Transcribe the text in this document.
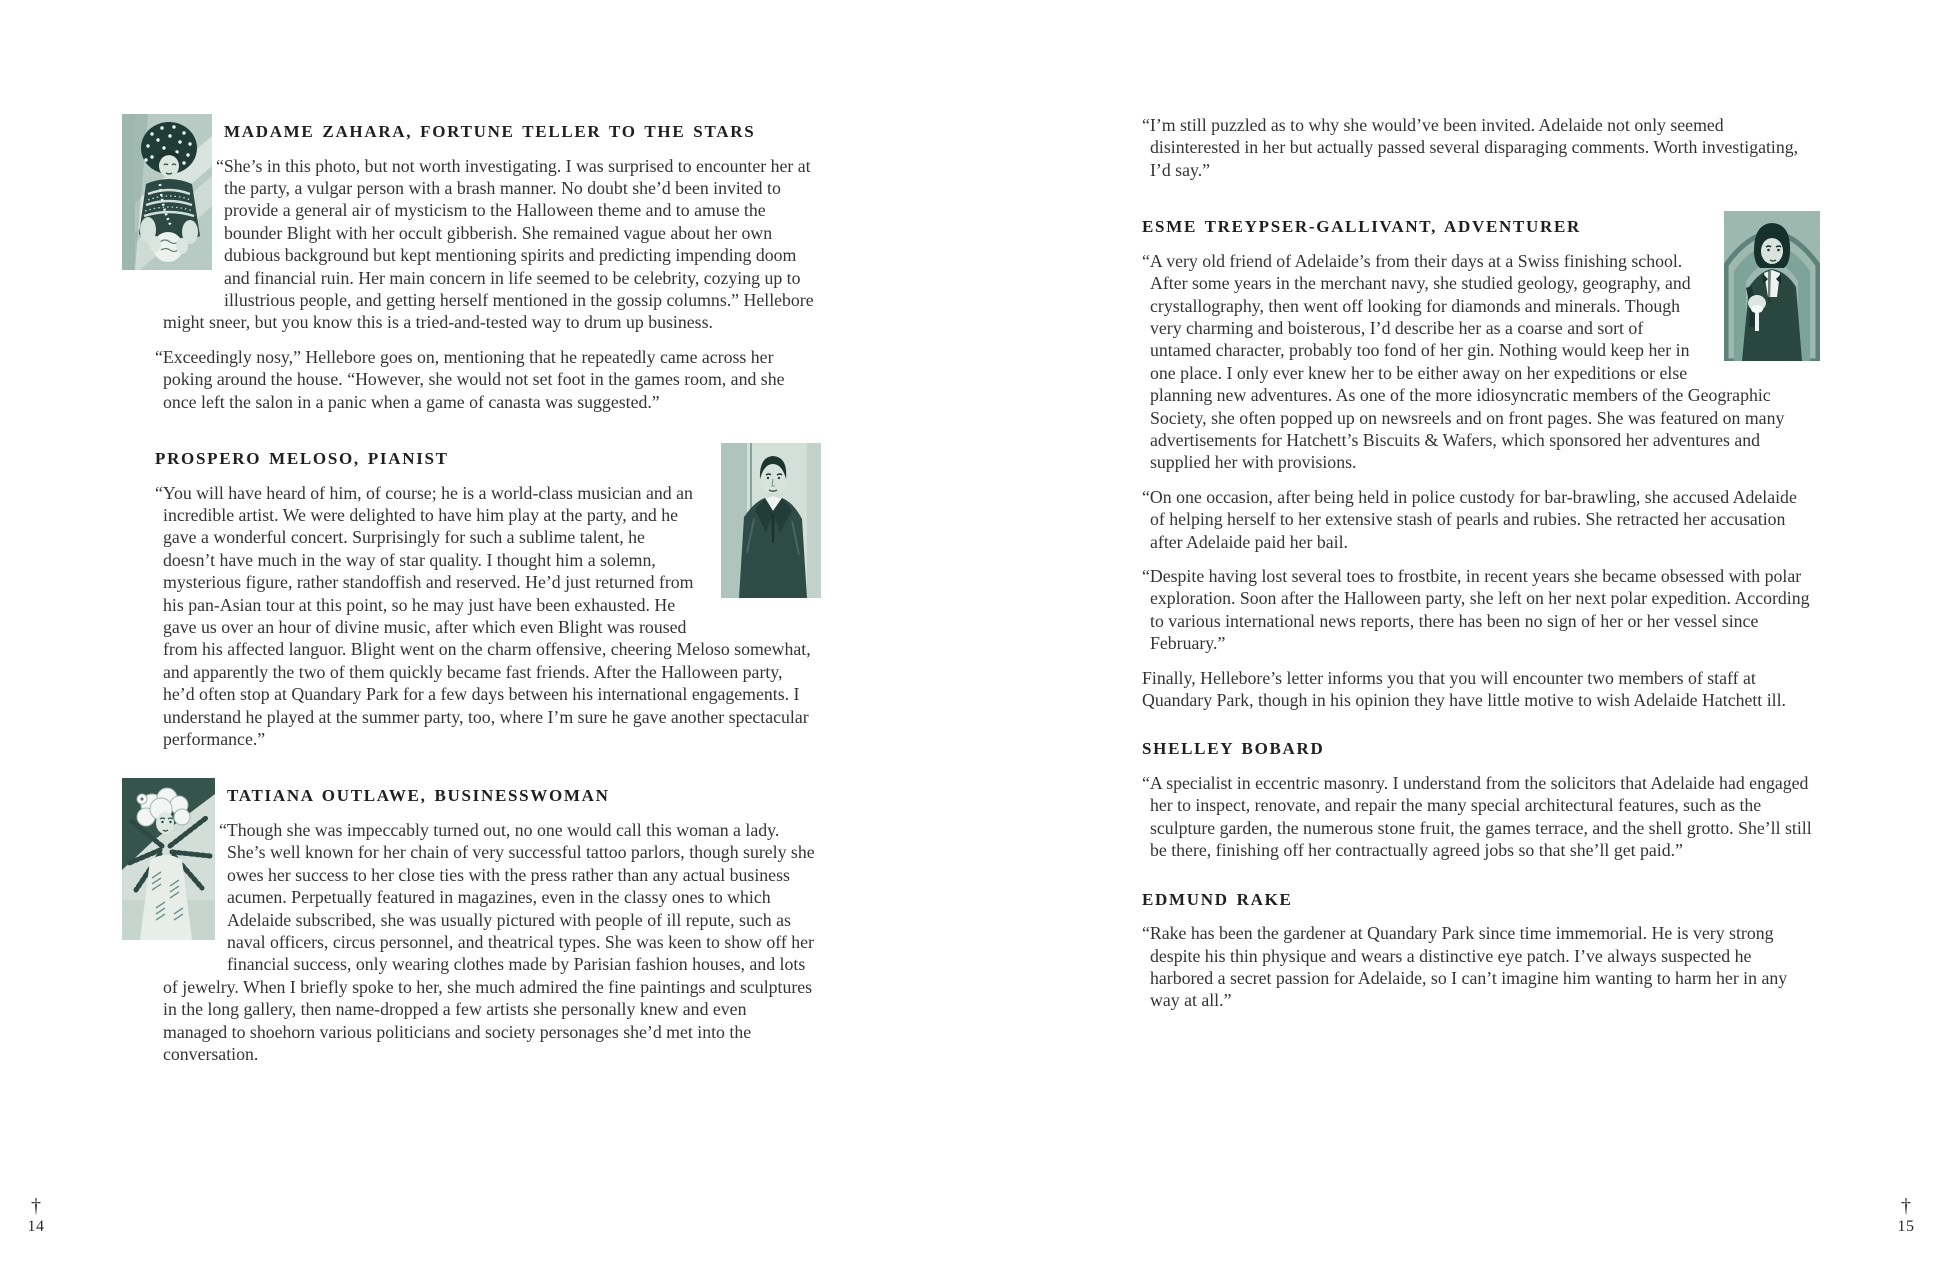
MADAME ZAHARA, FORTUNE TELLER TO THE STARS

“She’s in this photo, but not worth investigating. I was surprised to encounter her at the party, a vulgar person with a brash manner. No doubt she’d been invited to provide a general air of mysticism to the Halloween theme and to amuse the bounder Blight with her occult gibberish. She remained vague about her own dubious background but kept mentioning spirits and predicting impending doom and financial ruin. Her main concern in life seemed to be celebrity, cozying up to illustrious people, and getting herself mentioned in the gossip columns.” Hellebore might sneer, but you know this is a tried-and-tested way to drum up business.

“Exceedingly nosy,” Hellebore goes on, mentioning that he repeatedly came across her poking around the house. “However, she would not set foot in the games room, and she once left the salon in a panic when a game of canasta was suggested.”

PROSPERO MELOSO, PIANIST

“You will have heard of him, of course; he is a world-class musician and an incredible artist. We were delighted to have him play at the party, and he gave a wonderful concert. Surprisingly for such a sublime talent, he doesn’t have much in the way of star quality. I thought him a solemn, mysterious figure, rather standoffish and reserved. He’d just returned from his pan-Asian tour at this point, so he may just have been exhausted. He gave us over an hour of divine music, after which even Blight was roused from his affected languor. Blight went on the charm offensive, cheering Meloso somewhat, and apparently the two of them quickly became fast friends. After the Halloween party, he’d often stop at Quandary Park for a few days between his international engagements. I understand he played at the summer party, too, where I’m sure he gave another spectacular performance.”

TATIANA OUTLAWE, BUSINESSWOMAN

“Though she was impeccably turned out, no one would call this woman a lady. She’s well known for her chain of very successful tattoo parlors, though surely she owes her success to her close ties with the press rather than any actual business acumen. Perpetually featured in magazines, even in the classy ones to which Adelaide subscribed, she was usually pictured with people of ill repute, such as naval officers, circus personnel, and theatrical types. She was keen to show off her financial success, only wearing clothes made by Parisian fashion houses, and lots of jewelry. When I briefly spoke to her, she much admired the fine paintings and sculptures in the long gallery, then name-dropped a few artists she personally knew and even managed to shoehorn various politicians and society personages she’d met into the conversation.

“I’m still puzzled as to why she would’ve been invited. Adelaide not only seemed disinterested in her but actually passed several disparaging comments. Worth investigating, I’d say.”

ESME TREYPSER-GALLIVANT, ADVENTURER

“A very old friend of Adelaide’s from their days at a Swiss finishing school. After some years in the merchant navy, she studied geology, geography, and crystallography, then went off looking for diamonds and minerals. Though very charming and boisterous, I’d describe her as a coarse and sort of untamed character, probably too fond of her gin. Nothing would keep her in one place. I only ever knew her to be either away on her expeditions or else planning new adventures. As one of the more idiosyncratic members of the Geographic Society, she often popped up on newsreels and on front pages. She was featured on many advertisements for Hatchett’s Biscuits & Wafers, which sponsored her adventures and supplied her with provisions.

“On one occasion, after being held in police custody for bar-brawling, she accused Adelaide of helping herself to her extensive stash of pearls and rubies. She retracted her accusation after Adelaide paid her bail.

“Despite having lost several toes to frostbite, in recent years she became obsessed with polar exploration. Soon after the Halloween party, she left on her next polar expedition. According to various international news reports, there has been no sign of her or her vessel since February.”

Finally, Hellebore’s letter informs you that you will encounter two members of staff at Quandary Park, though in his opinion they have little motive to wish Adelaide Hatchett ill.

SHELLEY BOBARD

“A specialist in eccentric masonry. I understand from the solicitors that Adelaide had engaged her to inspect, renovate, and repair the many special architectural features, such as the sculpture garden, the numerous stone fruit, the games terrace, and the shell grotto. She’ll still be there, finishing off her contractually agreed jobs so that she’ll get paid.”

EDMUND RAKE

“Rake has been the gardener at Quandary Park since time immemorial. He is very strong despite his thin physique and wears a distinctive eye patch. I’ve always suspected he harbored a secret passion for Adelaide, so I can’t imagine him wanting to harm her in any way at all.”

†
14
†
15
